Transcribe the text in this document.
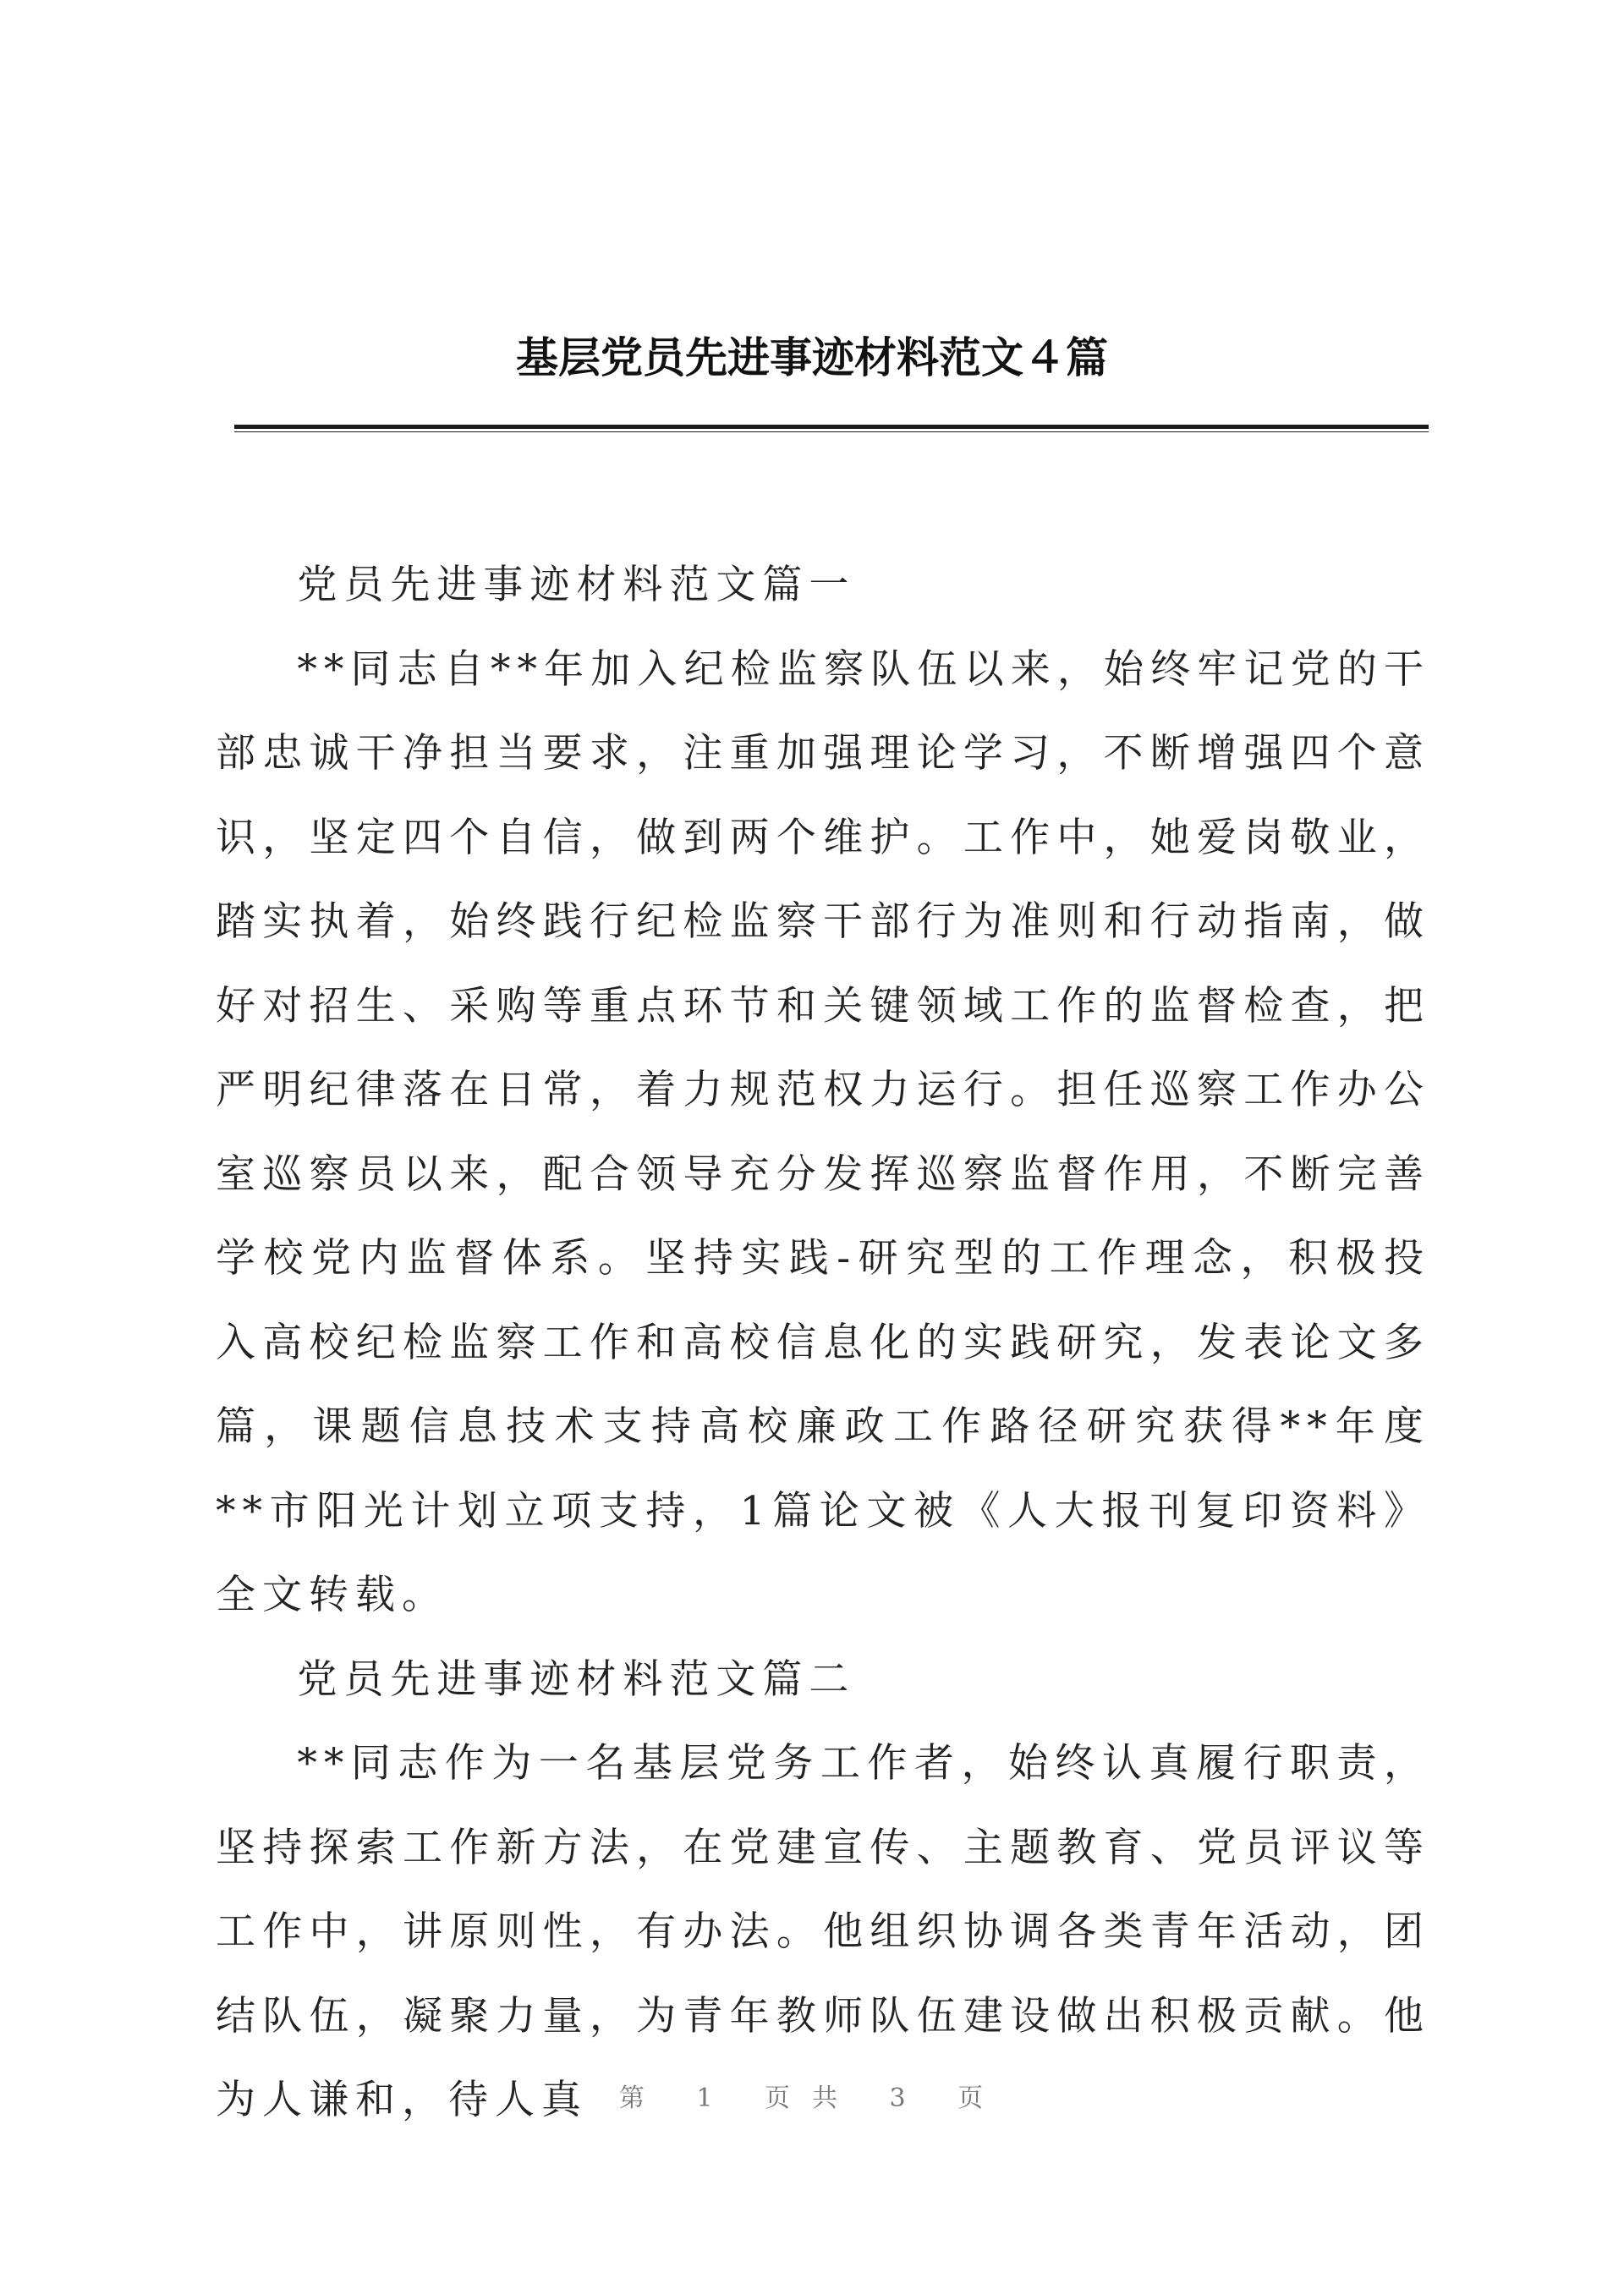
基层党员先进事迹材料范文４篇

党员先进事迹材料范文篇一

**同志自**年加入纪检监察队伍以来，始终牢记党的干部忠诚干净担当要求，注重加强理论学习，不断增强四个意识，坚定四个自信，做到两个维护。工作中，她爱岗敬业，踏实执着，始终践行纪检监察干部行为准则和行动指南，做好对招生、采购等重点环节和关键领域工作的监督检查，把严明纪律落在日常，着力规范权力运行。担任巡察工作办公室巡察员以来，配合领导充分发挥巡察监督作用，不断完善学校党内监督体系。坚持实践-研究型的工作理念，积极投入高校纪检监察工作和高校信息化的实践研究，发表论文多篇，课题信息技术支持高校廉政工作路径研究获得**年度**市阳光计划立项支持，1篇论文被《人大报刊复印资料》全文转载。

党员先进事迹材料范文篇二

**同志作为一名基层党务工作者，始终认真履行职责，坚持探索工作新方法，在党建宣传、主题教育、党员评议等工作中，讲原则性，有办法。他组织协调各类青年活动，团结队伍，凝聚力量，为青年教师队伍建设做出积极贡献。他为人谦和，待人真	第 1 页共 3 页
